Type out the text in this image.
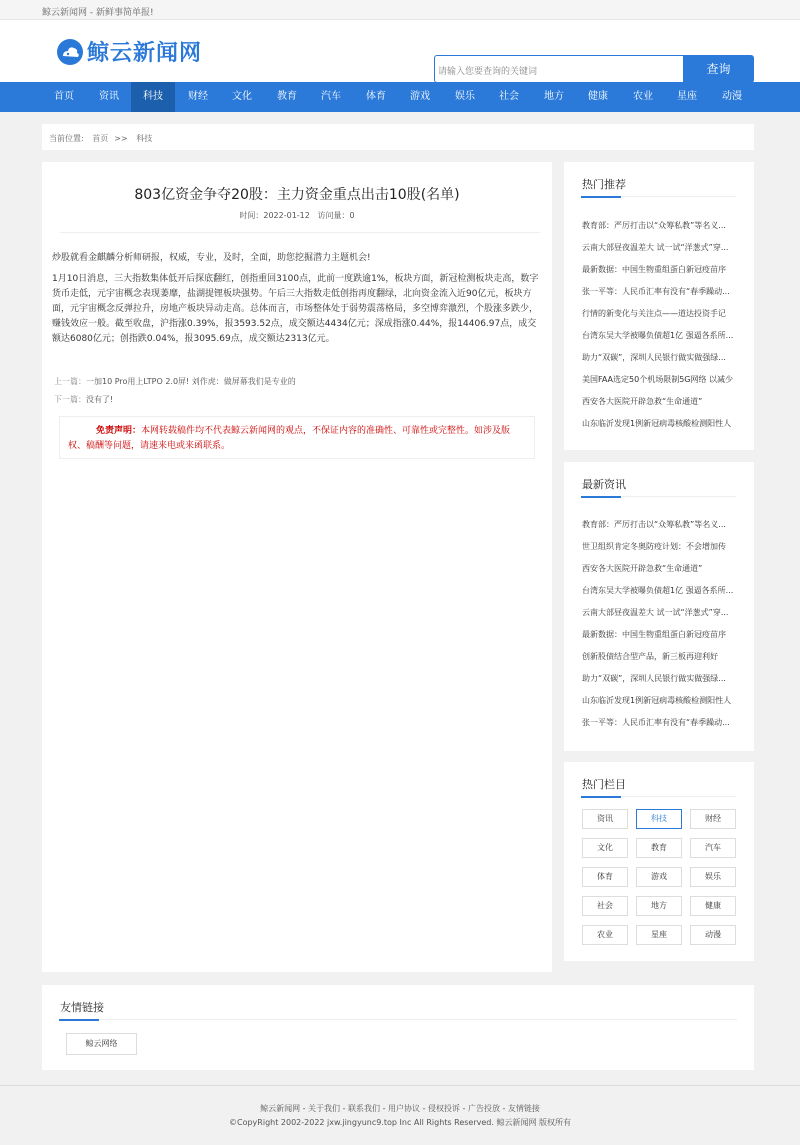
鲸云新闻网 - 新鲜事简单报!
鲸云新闻网
请输入您要查询的关键词	查询
首页	资讯	科技	财经	文化	教育	汽车	体育	游戏	娱乐	社会	地方	健康	农业	星座	动漫
当前位置: 首页 >> 科技
803亿资金争夺20股：主力资金重点出击10股(名单)
时间：2022-01-12 访问量：0

炒股就看金麒麟分析师研报，权威，专业，及时，全面，助您挖掘潜力主题机会!

1月10日消息，三大指数集体低开后探底翻红，创指重回3100点，此前一度跌逾1%，板块方面，新冠检测板块走高，数字货币走低，元宇宙概念表现萎靡，盐湖提锂板块强势。午后三大指数走低创指再度翻绿，北向资金流入近90亿元，板块方面，元宇宙概念反弹拉升，房地产板块异动走高。总体而言，市场整体处于弱势震荡格局，多空博弈激烈，个股涨多跌少，赚钱效应一般。截至收盘，沪指涨0.39%，报3593.52点，成交额达4434亿元；深成指涨0.44%，报14406.97点，成交额达6080亿元；创指跌0.04%，报3095.69点，成交额达2313亿元。

上一篇：一加10 Pro用上LTPO 2.0屏! 刘作虎：做屏幕我们是专业的
下一篇：没有了!
免责声明：本网转载稿件均不代表鲸云新闻网的观点，不保证内容的准确性、可靠性或完整性。如涉及版权、稿酬等问题，请速来电或来函联系。
热门推荐
教育部：严厉打击以“众筹私教”等名义...
云南大部昼夜温差大 试一试“洋葱式”穿...
最新数据：中国生物重组蛋白新冠疫苗序
张一平等：人民币汇率有没有“春季躁动...
行情的新变化与关注点——道达投资手记
台湾东吴大学被曝负债超1亿 强逼各系所...
助力“双碳”，深圳人民银行做实做强绿...
美国FAA选定50个机场限制5G网络 以减少
西安各大医院开辟急救“生命通道”
山东临沂发现1例新冠病毒核酸检测阳性人
最新资讯
教育部：严厉打击以“众筹私教”等名义...
世卫组织肯定冬奥防疫计划：不会增加传
西安各大医院开辟急救“生命通道”
台湾东吴大学被曝负债超1亿 强逼各系所...
云南大部昼夜温差大 试一试“洋葱式”穿...
最新数据：中国生物重组蛋白新冠疫苗序
创新股债结合型产品，新三板再迎利好
助力“双碳”，深圳人民银行做实做强绿...
山东临沂发现1例新冠病毒核酸检测阳性人
张一平等：人民币汇率有没有“春季躁动...
热门栏目
资讯	科技	财经
文化	教育	汽车
体育	游戏	娱乐
社会	地方	健康
农业	星座	动漫
友情链接
鲸云网络
鲸云新闻网 - 关于我们 - 联系我们 - 用户协议 - 侵权投诉 - 广告投放 - 友情链接
©CopyRight 2002-2022 jxw.jingyunc9.top Inc All Rights Reserved. 鲸云新闻网 版权所有
